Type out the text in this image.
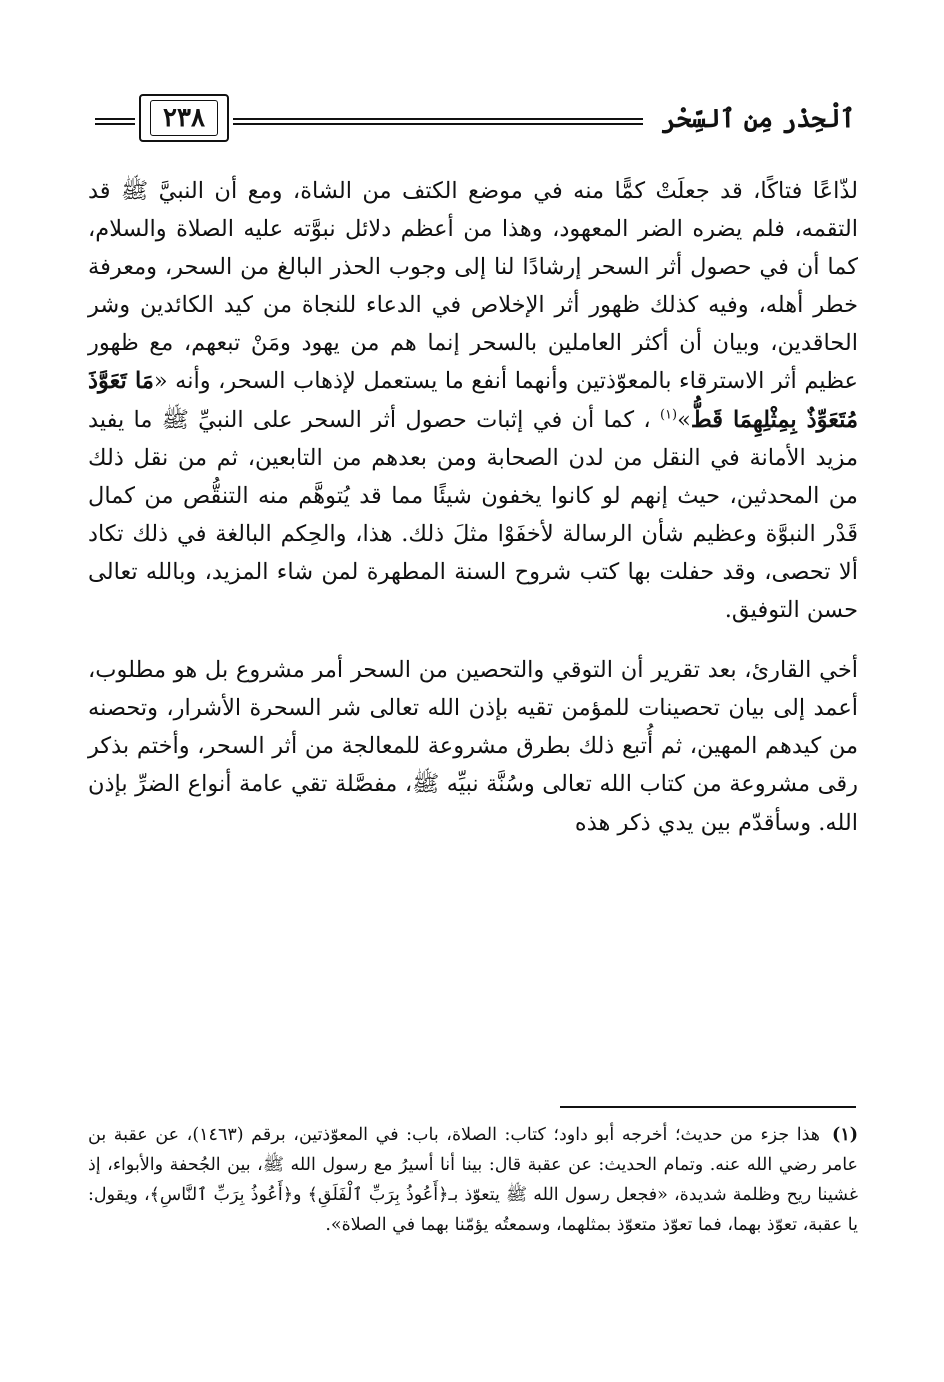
٢٣٨	ٱلْحِذْر مِن ٱلسِّحْر

لذّاعًا فتاكًا، قد جعلَتْ كمًّا منه في موضع الكتف من الشاة، ومع أن النبيَّ ﷺ قد التقمه، فلم يضره الضر المعهود، وهذا من أعظم دلائل نبوَّته عليه الصلاة والسلام، كما أن في حصول أثر السحر إرشادًا لنا إلى وجوب الحذر البالغ من السحر، ومعرفة خطر أهله، وفيه كذلك ظهور أثر الإخلاص في الدعاء للنجاة من كيد الكائدين وشر الحاقدين، وبيان أن أكثر العاملين بالسحر إنما هم من يهود ومَنْ تبعهم، مع ظهور عظيم أثر الاسترقاء بالمعوّذتين وأنهما أنفع ما يستعمل لإذهاب السحر، وأنه «مَا تَعَوَّذَ مُتَعَوِّذٌ بِمِثْلِهِمَا قَطُّ»$^{(١)}$ ، كما أن في إثبات حصول أثر السحر على النبيِّ ﷺ ما يفيد مزيد الأمانة في النقل من لدن الصحابة ومن بعدهم من التابعين، ثم من نقل ذلك من المحدثين، حيث إنهم لو كانوا يخفون شيئًا مما قد يُتوهَّم منه التنقُّص من كمال قَدْر النبوَّة وعظيم شأن الرسالة لأخفَوْا مثلَ ذلك. هذا، والحِكم البالغة في ذلك تكاد ألا تحصى، وقد حفلت بها كتب شروح السنة المطهرة لمن شاء المزيد، وبالله تعالى حسن التوفيق.

أخي القارئ، بعد تقرير أن التوقي والتحصين من السحر أمر مشروع بل هو مطلوب، أعمد إلى بيان تحصينات للمؤمن تقيه بإذن الله تعالى شر السحرة الأشرار، وتحصنه من كيدهم المهين، ثم أُتبع ذلك بطرق مشروعة للمعالجة من أثر السحر، وأختم بذكر رقى مشروعة من كتاب الله تعالى وسُنَّة نبيِّه ﷺ، مفصَّلة تقي عامة أنواع الضرِّ بإذن الله. وسأقدّم بين يدي ذكر هذه

(١)هذا جزء من حديث؛ أخرجه أبو داود؛ كتاب: الصلاة، باب: في المعوّذتين، برقم (١٤٦٣)، عن عقبة بن عامر رضي الله عنه. وتمام الحديث: عن عقبة قال: بينا أنا أسيرُ مع رسول الله ﷺ، بين الجُحفة والأبواء، إذ غشينا ريح وظلمة شديدة، «فجعل رسول الله ﷺ يتعوّذ بـ﴿أَعُوذُ بِرَبِّ ٱلْفَلَقِ﴾ و﴿أَعُوذُ بِرَبِّ ٱلنَّاسِ﴾، ويقول: يا عقبة، تعوّذ بهما، فما تعوّذ متعوّذ بمثلهما، وسمعتُه يؤمّنا بهما في الصلاة».
